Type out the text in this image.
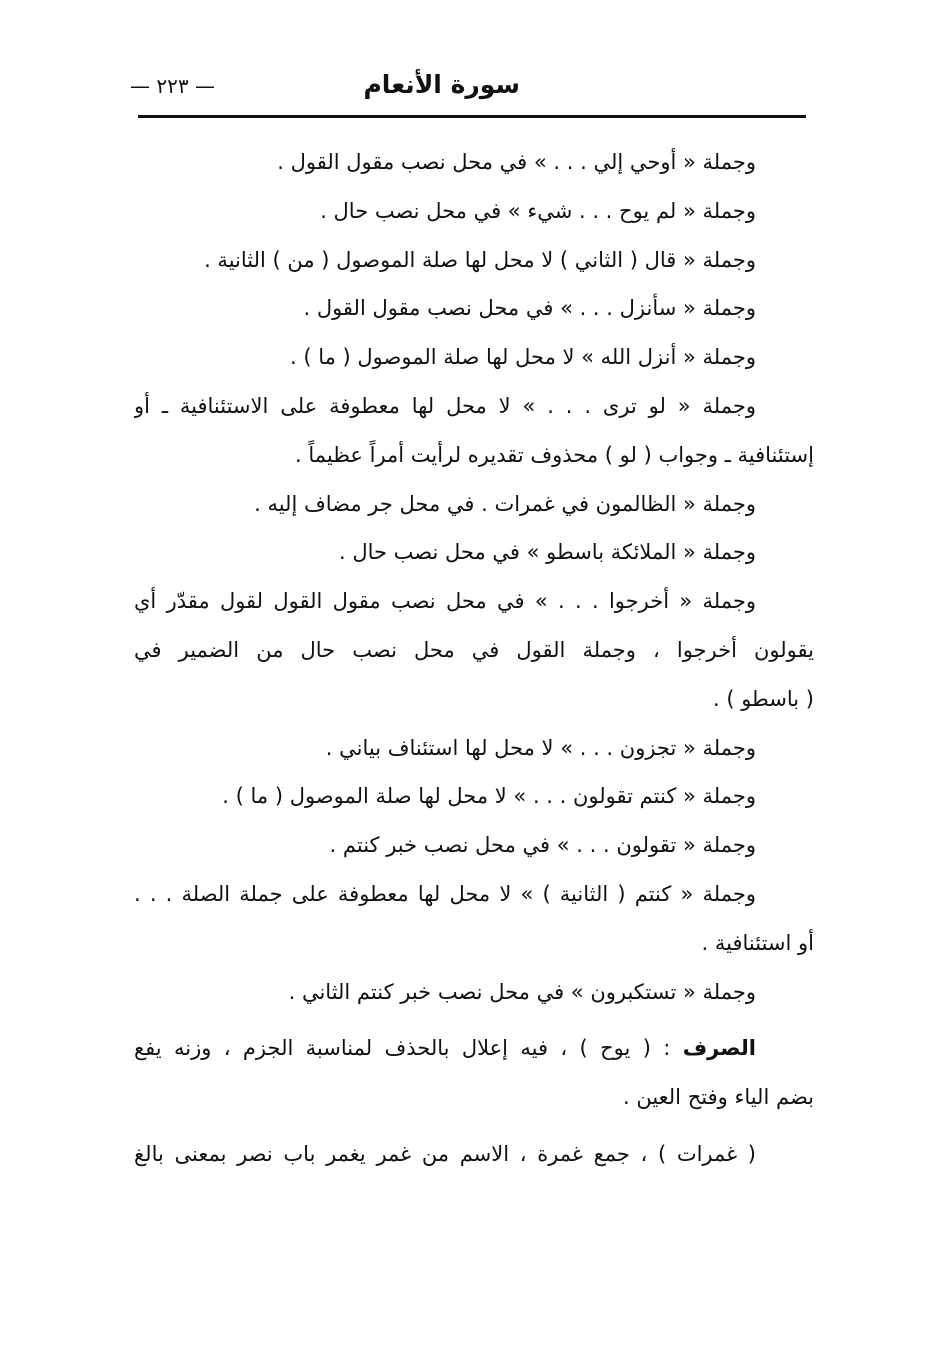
— ٢٢٣ —	سورة الأنعام
وجملة « أوحي إلي . . . » في محل نصب مقول القول .
وجملة « لم يوح . . . شيء » في محل نصب حال .
وجملة « قال ( الثاني ) لا محل لها صلة الموصول ( من ) الثانية .
وجملة « سأنزل . . . » في محل نصب مقول القول .
وجملة « أنزل الله » لا محل لها صلة الموصول ( ما ) .
وجملة « لو ترى . . . » لا محل لها معطوفة على الاستئنافية ـ أو
إستئنافية ـ وجواب ( لو ) محذوف تقديره لرأيت أمراً عظيماً .
وجملة « الظالمون في غمرات . في محل جر مضاف إليه .
وجملة « الملائكة باسطو » في محل نصب حال .
وجملة « أخرجوا . . . » في محل نصب مقول القول لقول مقدّر أي
يقولون أخرجوا ، وجملة القول في محل نصب حال من الضمير في
( باسطو ) .
وجملة « تجزون . . . » لا محل لها استئناف بياني .
وجملة « كنتم تقولون . . . » لا محل لها صلة الموصول ( ما ) .
وجملة « تقولون . . . » في محل نصب خبر كنتم .
وجملة « كنتم ( الثانية ) » لا محل لها معطوفة على جملة الصلة . . .
أو استئنافية .
وجملة « تستكبرون » في محل نصب خبر كنتم الثاني .
الصرف : ( يوح ) ، فيه إعلال بالحذف لمناسبة الجزم ، وزنه يفع
بضم الياء وفتح العين .
( غمرات ) ، جمع غمرة ، الاسم من غمر يغمر باب نصر بمعنى بالغ
